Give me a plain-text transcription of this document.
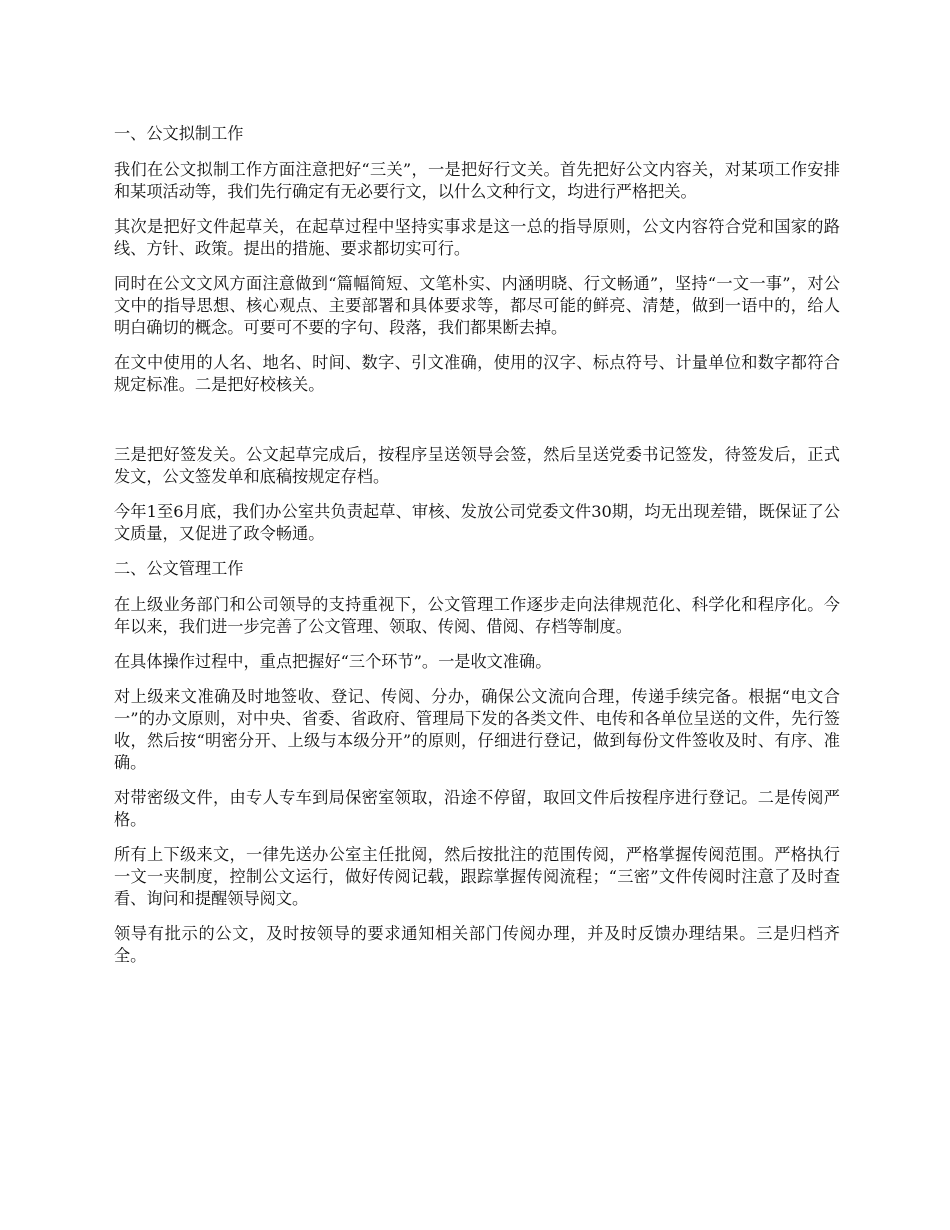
一、公文拟制工作

我们在公文拟制工作方面注意把好“三关”，一是把好行文关。首先把好公文内容关，对某项工作安排和某项活动等，我们先行确定有无必要行文，以什么文种行文，均进行严格把关。

其次是把好文件起草关，在起草过程中坚持实事求是这一总的指导原则，公文内容符合党和国家的路线、方针、政策。提出的措施、要求都切实可行。

同时在公文文风方面注意做到“篇幅简短、文笔朴实、内涵明晓、行文畅通”，坚持“一文一事”，对公文中的指导思想、核心观点、主要部署和具体要求等，都尽可能的鲜亮、清楚，做到一语中的，给人明白确切的概念。可要可不要的字句、段落，我们都果断去掉。

在文中使用的人名、地名、时间、数字、引文准确，使用的汉字、标点符号、计量单位和数字都符合规定标准。二是把好校核关。

三是把好签发关。公文起草完成后，按程序呈送领导会签，然后呈送党委书记签发，待签发后，正式发文，公文签发单和底稿按规定存档。

今年1至6月底，我们办公室共负责起草、审核、发放公司党委文件30期，均无出现差错，既保证了公文质量，又促进了政令畅通。

二、公文管理工作

在上级业务部门和公司领导的支持重视下，公文管理工作逐步走向法律规范化、科学化和程序化。今年以来，我们进一步完善了公文管理、领取、传阅、借阅、存档等制度。

在具体操作过程中，重点把握好“三个环节”。一是收文准确。

对上级来文准确及时地签收、登记、传阅、分办，确保公文流向合理，传递手续完备。根据“电文合一”的办文原则，对中央、省委、省政府、管理局下发的各类文件、电传和各单位呈送的文件，先行签收，然后按“明密分开、上级与本级分开”的原则，仔细进行登记，做到每份文件签收及时、有序、准确。

对带密级文件，由专人专车到局保密室领取，沿途不停留，取回文件后按程序进行登记。二是传阅严格。

所有上下级来文，一律先送办公室主任批阅，然后按批注的范围传阅，严格掌握传阅范围。严格执行一文一夹制度，控制公文运行，做好传阅记载，跟踪掌握传阅流程；“三密”文件传阅时注意了及时查看、询问和提醒领导阅文。

领导有批示的公文，及时按领导的要求通知相关部门传阅办理，并及时反馈办理结果。三是归档齐全。
